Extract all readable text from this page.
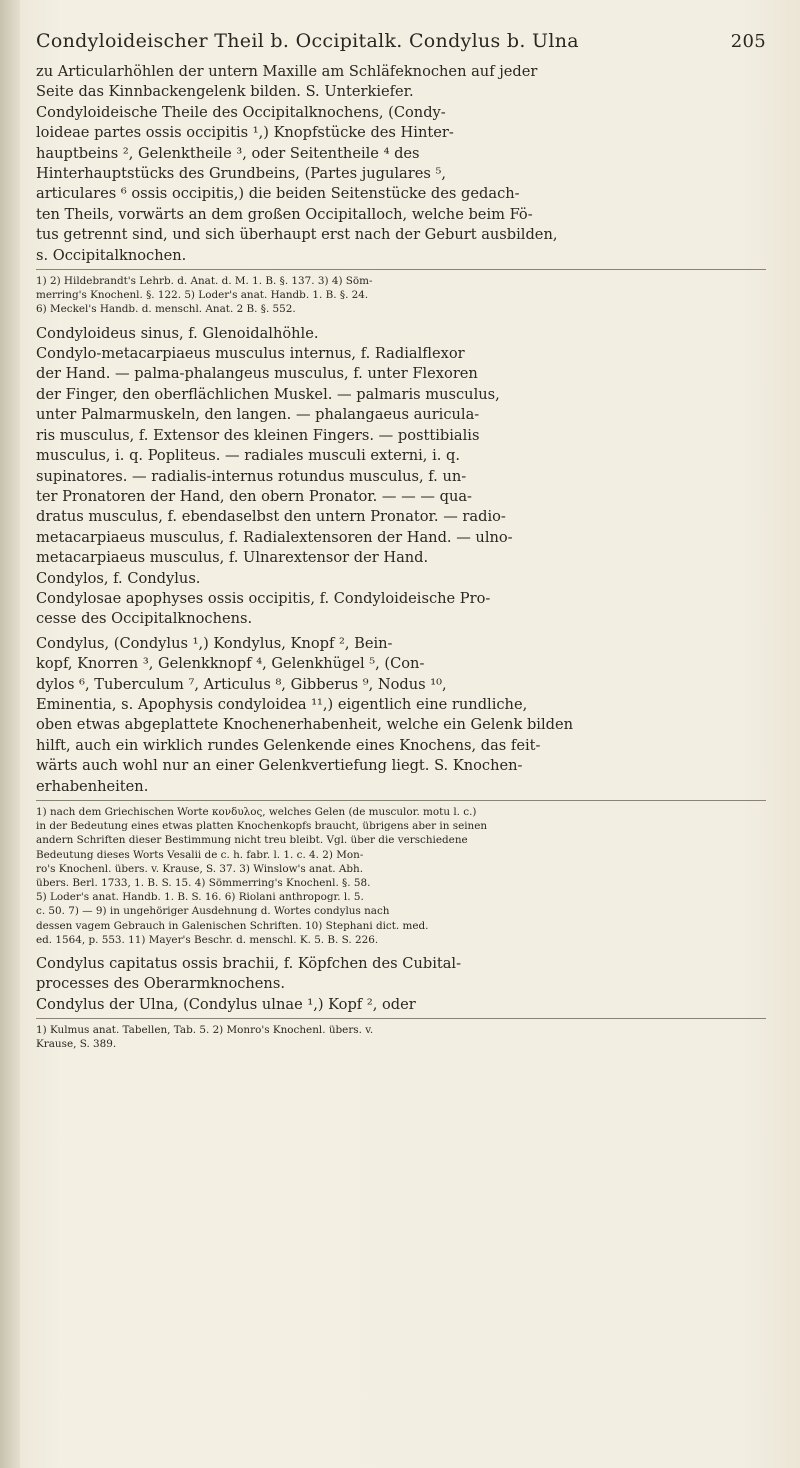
Condyloideischer Theil b. Occipitalk. Condylus b. Ulna	205

zu Articularhöhlen der untern Maxille am Schläfeknochen auf jeder

Seite das Kinnbackengelenk bilden. S. Unterkiefer.

Condyloideische Theile des Occipitalknochens, (Condy-

loideae partes ossis occipitis ¹,) Knopfstücke des Hinter-

hauptbeins ², Gelenktheile ³, oder Seitentheile ⁴ des

Hinterhauptstücks des Grundbeins, (Partes jugulares ⁵,

articulares ⁶ ossis occipitis,) die beiden Seitenstücke des gedach-

ten Theils, vorwärts an dem großen Occipitalloch, welche beim Fö-

tus getrennt sind, und sich überhaupt erst nach der Geburt ausbilden,

s. Occipitalknochen.

1) 2) Hildebrandt's Lehrb. d. Anat. d. M. 1. B. §. 137. 3) 4) Söm-

merring's Knochenl. §. 122. 5) Loder's anat. Handb. 1. B. §. 24.

6) Meckel's Handb. d. menschl. Anat. 2 B. §. 552.

Condyloideus sinus, f. Glenoidalhöhle.

Condylo-metacarpiaeus musculus internus, f. Radialflexor

der Hand. — palma-phalangeus musculus, f. unter Flexoren

der Finger, den oberflächlichen Muskel. — palmaris musculus,

unter Palmarmuskeln, den langen. — phalangaeus auricula-

ris musculus, f. Extensor des kleinen Fingers. — posttibialis

musculus, i. q. Popliteus. — radiales musculi externi, i. q.

supinatores. — radialis-internus rotundus musculus, f. un-

ter Pronatoren der Hand, den obern Pronator. — — — qua-

dratus musculus, f. ebendaselbst den untern Pronator. — radio-

metacarpiaeus musculus, f. Radialextensoren der Hand. — ulno-

metacarpiaeus musculus, f. Ulnarextensor der Hand.

Condylos, f. Condylus.

Condylosae apophyses ossis occipitis, f. Condyloideische Pro-

cesse des Occipitalknochens.

Condylus, (Condylus ¹,) Kondylus, Knopf ², Bein-

kopf, Knorren ³, Gelenkknopf ⁴, Gelenkhügel ⁵, (Con-

dylos ⁶, Tuberculum ⁷, Articulus ⁸, Gibberus ⁹, Nodus ¹⁰,

Eminentia, s. Apophysis condyloidea ¹¹,) eigentlich eine rundliche,

oben etwas abgeplattete Knochenerhabenheit, welche ein Gelenk bilden

hilft, auch ein wirklich rundes Gelenkende eines Knochens, das feit-

wärts auch wohl nur an einer Gelenkvertiefung liegt. S. Knochen-

erhabenheiten.

1) nach dem Griechischen Worte κονδυλος, welches Gelen (de musculor. motu l. c.)

in der Bedeutung eines etwas platten Knochenkopfs braucht, übrigens aber in seinen

andern Schriften dieser Bestimmung nicht treu bleibt. Vgl. über die verschiedene

Bedeutung dieses Worts Vesalii de c. h. fabr. l. 1. c. 4. 2) Mon-

ro's Knochenl. übers. v. Krause, S. 37. 3) Winslow's anat. Abh.

übers. Berl. 1733, 1. B. S. 15. 4) Sömmerring's Knochenl. §. 58.

5) Loder's anat. Handb. 1. B. S. 16. 6) Riolani anthropogr. l. 5.

c. 50. 7) — 9) in ungehöriger Ausdehnung d. Wortes condylus nach

dessen vagem Gebrauch in Galenischen Schriften. 10) Stephani dict. med.

ed. 1564, p. 553. 11) Mayer's Beschr. d. menschl. K. 5. B. S. 226.

Condylus capitatus ossis brachii, f. Köpfchen des Cubital-

processes des Oberarmknochens.

Condylus der Ulna, (Condylus ulnae ¹,) Kopf ², oder

1) Kulmus anat. Tabellen, Tab. 5. 2) Monro's Knochenl. übers. v.

Krause, S. 389.
